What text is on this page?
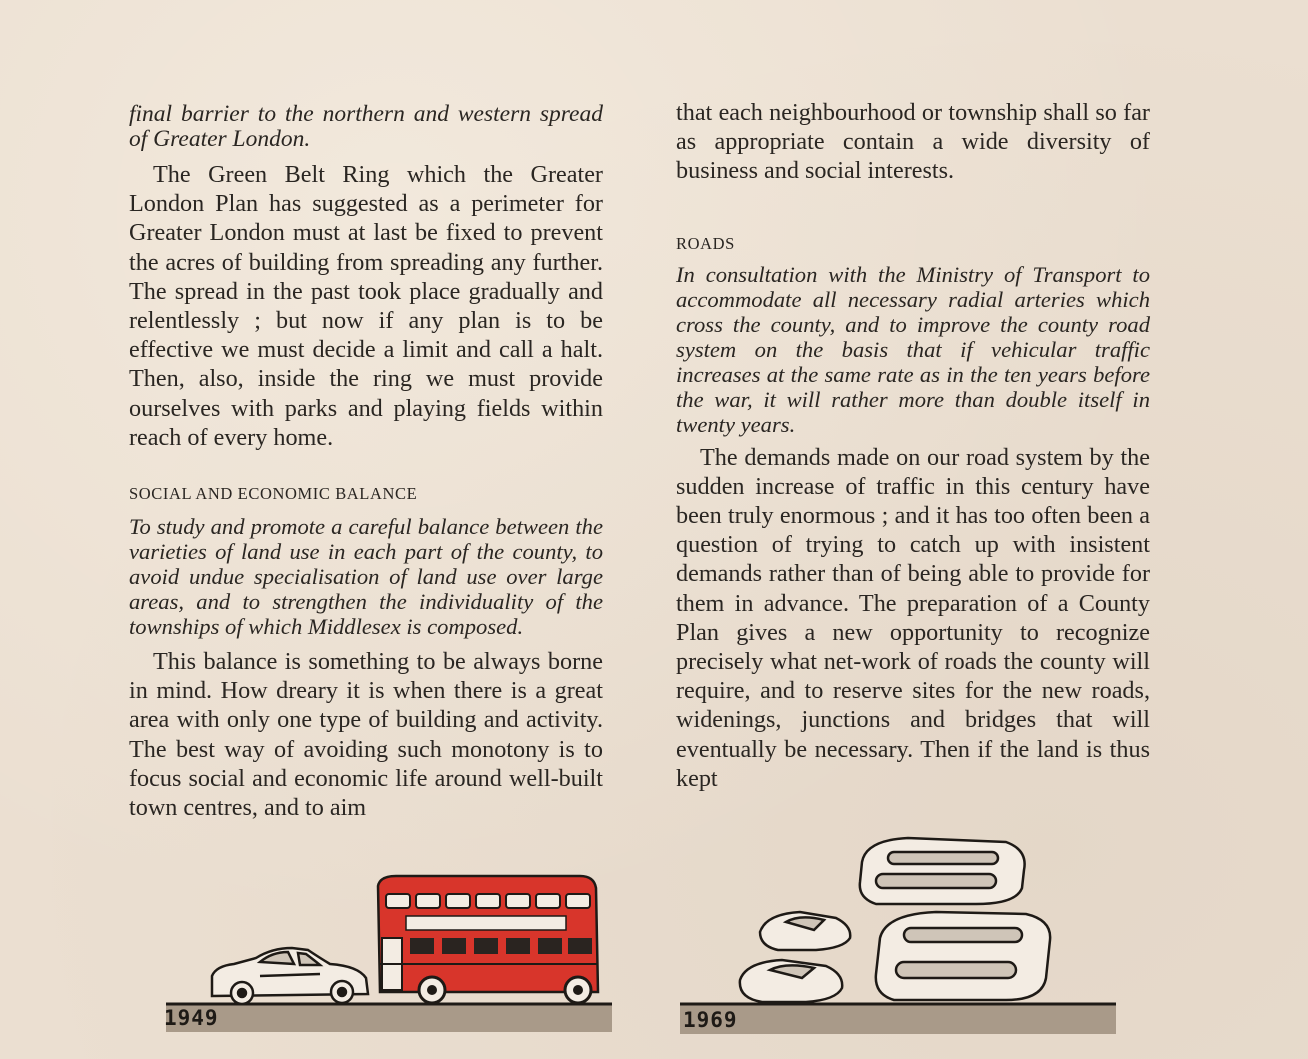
final barrier to the northern and western spread of Greater London.

The Green Belt Ring which the Greater London Plan has suggested as a perimeter for Greater London must at last be fixed to prevent the acres of building from spreading any further. The spread in the past took place gradually and relentlessly ; but now if any plan is to be effective we must decide a limit and call a halt. Then, also, inside the ring we must provide ourselves with parks and playing fields within reach of every home.

SOCIAL AND ECONOMIC BALANCE

To study and promote a careful balance between the varieties of land use in each part of the county, to avoid undue specialisation of land use over large areas, and to strengthen the individuality of the townships of which Middlesex is composed.

This balance is something to be always borne in mind. How dreary it is when there is a great area with only one type of building and activity. The best way of avoiding such monotony is to focus social and economic life around well-built town centres, and to aim

that each neighbourhood or township shall so far as appropriate contain a wide diversity of business and social interests.

ROADS

In consultation with the Ministry of Transport to accommodate all necessary radial arteries which cross the county, and to improve the county road system on the basis that if vehicular traffic increases at the same rate as in the ten years before the war, it will rather more than double itself in twenty years.

The demands made on our road system by the sudden increase of traffic in this century have been truly enormous ; and it has too often been a question of trying to catch up with insistent demands rather than of being able to provide for them in advance. The preparation of a County Plan gives a new opportunity to recognize precisely what net-work of roads the county will require, and to reserve sites for the new roads, widenings, junctions and bridges that will eventually be necessary. Then if the land is thus kept

1949	1969
